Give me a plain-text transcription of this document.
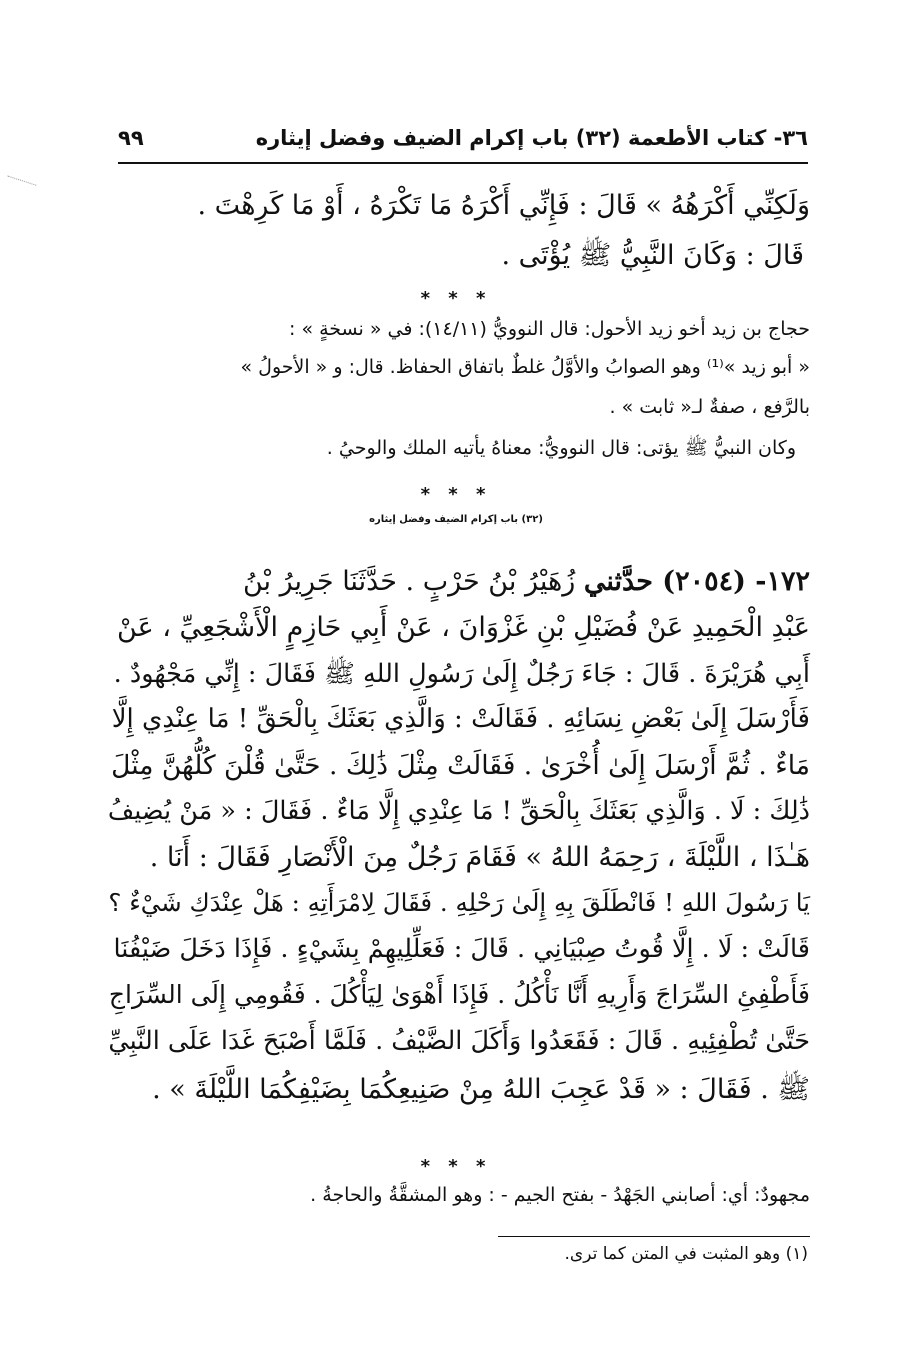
٣٦- كتاب الأطعمة (٣٢) باب إكرام الضيف وفضل إيثاره
٩٩
وَلَكِنِّي أَكْرَهُهُ » قَالَ : فَإِنِّي أَكْرَهُ مَا تَكْرَهُ ، أَوْ مَا كَرِهْتَ .
قَالَ : وَكَانَ النَّبِيُّ ﷺ يُؤْتَى .
* * *
حجاج بن زيد أخو زيد الأحول: قال النوويُّ (١٤/١١): في « نسخةٍ » :
« أبو زيد »⁽¹⁾ وهو الصوابُ والأوَّلُ غلطٌ باتفاق الحفاظ. قال: و « الأحولُ »
بالرَّفع ، صفةٌ لـ« ثابت » .
وكان النبيُّ ﷺ يؤتى: قال النوويُّ: معناهُ يأتيه الملك والوحيُ .
* * *
(٣٢) باب إكرام الضيف وفضل إيثاره
١٧٢- (٢٠٥٤) حدَّثني زُهَيْرُ بْنُ حَرْبٍ . حَدَّثَنَا جَرِيرُ بْنُ
عَبْدِ الْحَمِيدِ عَنْ فُضَيْلِ بْنِ غَزْوَانَ ، عَنْ أَبِي حَازِمٍ الْأَشْجَعِيِّ ، عَنْ
أَبِي هُرَيْرَةَ . قَالَ : جَاءَ رَجُلٌ إِلَىٰ رَسُولِ اللهِ ﷺ فَقَالَ : إِنِّي مَجْهُودٌ .
فَأَرْسَلَ إِلَىٰ بَعْضِ نِسَائِهِ . فَقَالَتْ : وَالَّذِي بَعَثَكَ بِالْحَقِّ ! مَا عِنْدِي إِلَّا
مَاءٌ . ثُمَّ أَرْسَلَ إِلَىٰ أُخْرَىٰ . فَقَالَتْ مِثْلَ ذَٰلِكَ . حَتَّىٰ قُلْنَ كُلُّهُنَّ مِثْلَ
ذَٰلِكَ : لَا . وَالَّذِي بَعَثَكَ بِالْحَقِّ ! مَا عِنْدِي إِلَّا مَاءٌ . فَقَالَ : « مَنْ يُضِيفُ
هَـٰذَا ، اللَّيْلَةَ ، رَحِمَهُ اللهُ » فَقَامَ رَجُلٌ مِنَ الْأَنْصَارِ فَقَالَ : أَنَا .
يَا رَسُولَ اللهِ ! فَانْطَلَقَ بِهِ إِلَىٰ رَحْلِهِ . فَقَالَ لِامْرَأَتِهِ : هَلْ عِنْدَكِ شَيْءٌ ؟
قَالَتْ : لَا . إِلَّا قُوتُ صِبْيَانِي . قَالَ : فَعَلِّلِيهِمْ بِشَيْءٍ . فَإِذَا دَخَلَ ضَيْفُنَا
فَأَطْفِئِ السِّرَاجَ وَأَرِيهِ أَنَّا نَأْكُلُ . فَإِذَا أَهْوَىٰ لِيَأْكُلَ . فَقُومِي إِلَى السِّرَاجِ
حَتَّىٰ تُطْفِئِيهِ . قَالَ : فَقَعَدُوا وَأَكَلَ الضَّيْفُ . فَلَمَّا أَصْبَحَ غَدَا عَلَى النَّبِيِّ
ﷺ . فَقَالَ : « قَدْ عَجِبَ اللهُ مِنْ صَنِيعِكُمَا بِضَيْفِكُمَا اللَّيْلَةَ » .
* * *
مجهودٌ: أي: أصابني الجَهْدُ - بفتح الجيم - : وهو المشقَّةُ والحاجةُ .
(١) وهو المثبت في المتن كما ترى.
